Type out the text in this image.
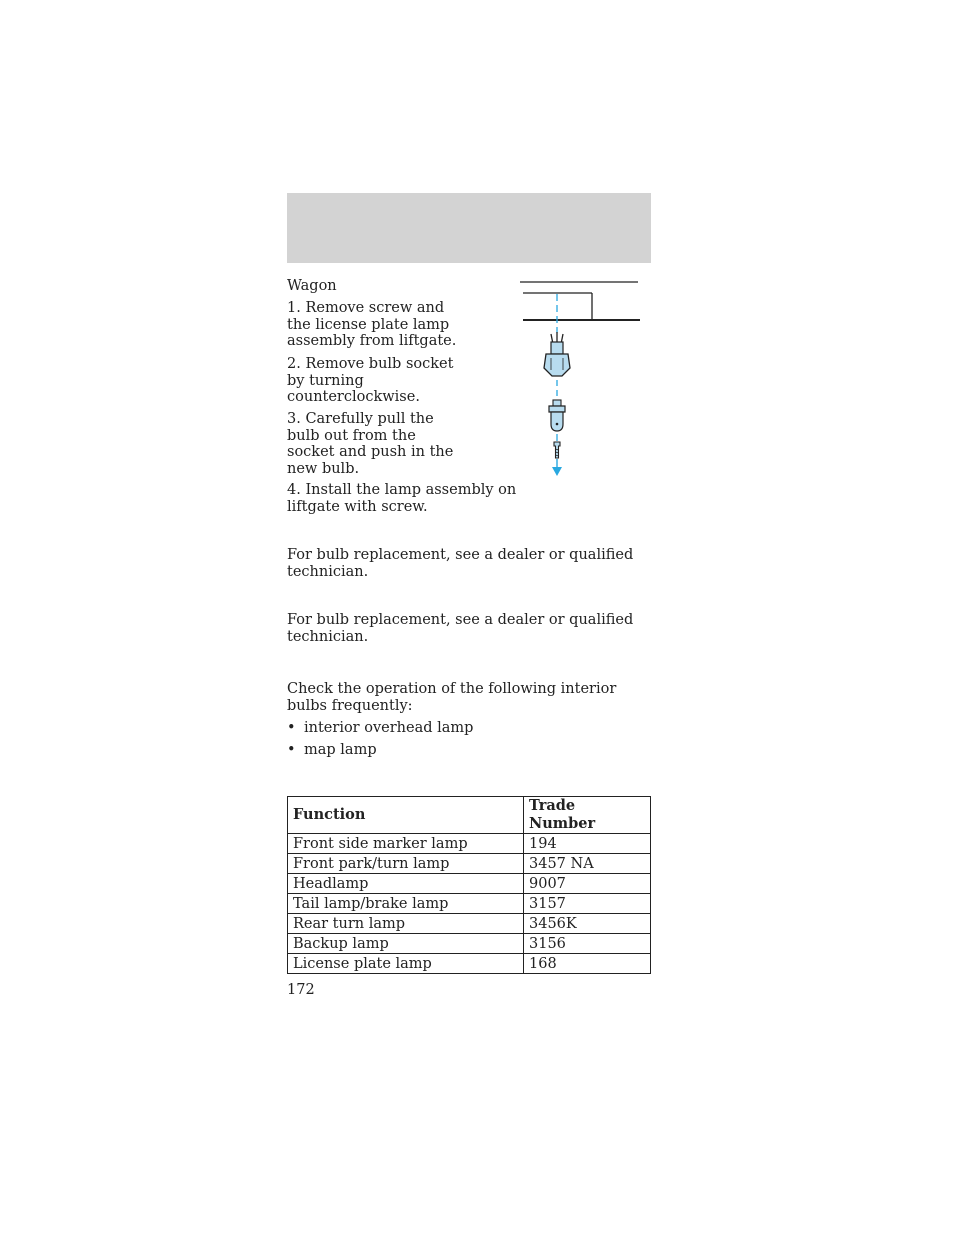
Wagon
1. Remove screw and the license plate lamp assembly from liftgate.
2. Remove bulb socket by turning counterclockwise.
3. Carefully pull the bulb out from the socket and push in the new bulb.
4. Install the lamp assembly on liftgate with screw.
For bulb replacement, see a dealer or qualified technician.
For bulb replacement, see a dealer or qualified technician.
Check the operation of the following interior bulbs frequently:
• interior overhead lamp
• map lamp
Function	Trade Number
Front side marker lamp	194
Front park/turn lamp	3457 NA
Headlamp	9007
Tail lamp/brake lamp	3157
Rear turn lamp	3456K
Backup lamp	3156
License plate lamp	168
172
